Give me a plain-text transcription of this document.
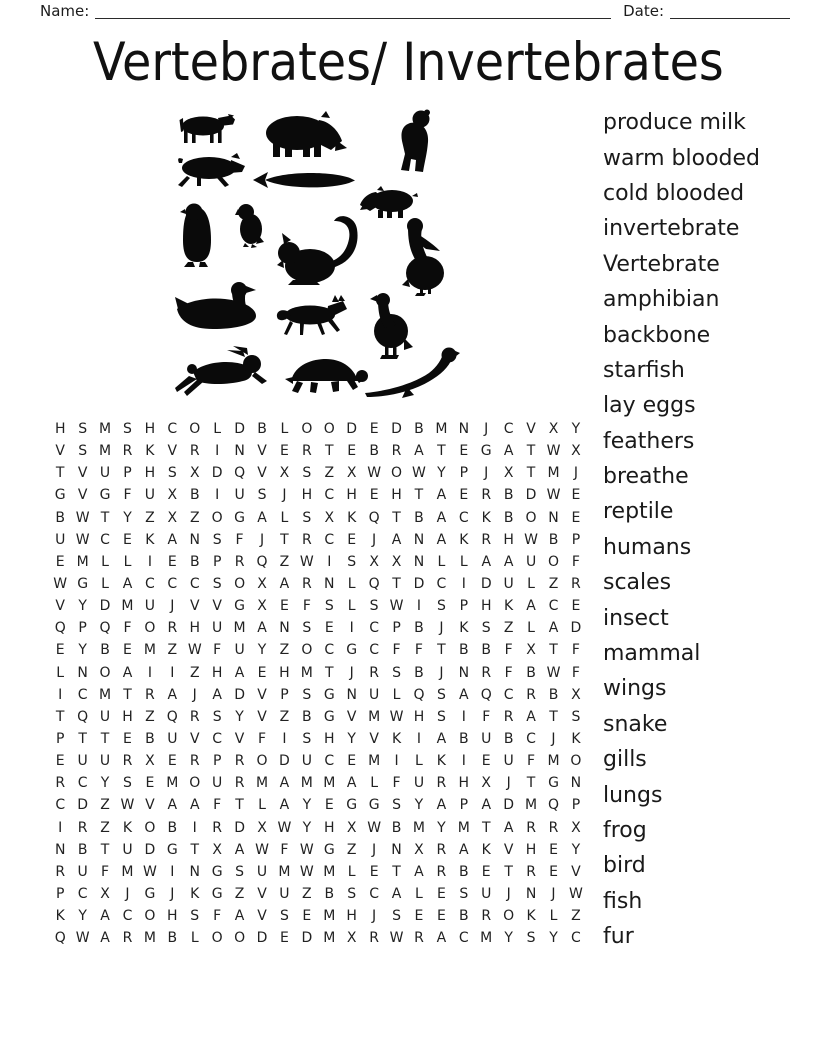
Name:	Date:
Vertebrates/ Invertebrates
H S M S H C O L D B L O O D E D B M N	J	C V X Y
V S M R K V R	I	N V E R T E B R A T E G A T W X
T V U P H S X D Q V X S Z X W O W Y P	J	X T M	J
G V G F U X B	I	U S	J	H C H E H T A E R B D W E
B W T Y Z X Z O G A L	S X K Q T B A C K B O N E
U W C E K A N S F	J	T R C E	J	A N A K R H W B P
E M L	L	I	E B P R Q Z W I	S X X N L	L A A U O F
W G L A C C C S O X A R N L Q T D C	I	D U L Z R
V Y D M U	J	V V G X E F S	L	S W I	S P H K A C E
Q P Q F O R H U M A N S E	I	C P B	J	K S Z L A D
E Y B E M Z W F U Y Z O C G C F	F	T B B F X T	F
L N O A	I	I	Z H A E H M T	J	R S B	J	N R F B W F
I	C M T R A	J	A D V P S G N U L Q S A Q C R B X
T Q U H Z Q R S Y V Z B G V M W H S	I	F R A T S
P T T E B U V C V F	I	S H Y V K	I	A B U B C	J	K
E U U R X E R P R O D U C E M	I	L K	I	E U F M O
R C Y S E M O U R M A M M A L	F U R H X	J	T G N
C D Z W V A A F	T	L A Y E G G S Y A P A D M Q P
I	R Z K O B	I	R D X W Y H X W B M Y M T A R R X
N B T U D G T X A W F W G Z	J	N X R A K V H E Y
R U F M W I	N G S U M W M L	E T A R B E T R E V
P C X	J	G	J	K G Z V U Z B S C A L	E S U	J	N	J W
K Y A C O H S F A V S E M H	J	S E E B R O K L Z
Q W A R M B L O O D E D M X R W R A C M Y S Y C
produce milk
warm blooded
cold blooded
invertebrate
Vertebrate
amphibian
backbone
starfish
lay eggs
feathers
breathe
reptile
humans
scales
insect
mammal
wings
snake
gills
lungs
frog
bird
fish
fur
